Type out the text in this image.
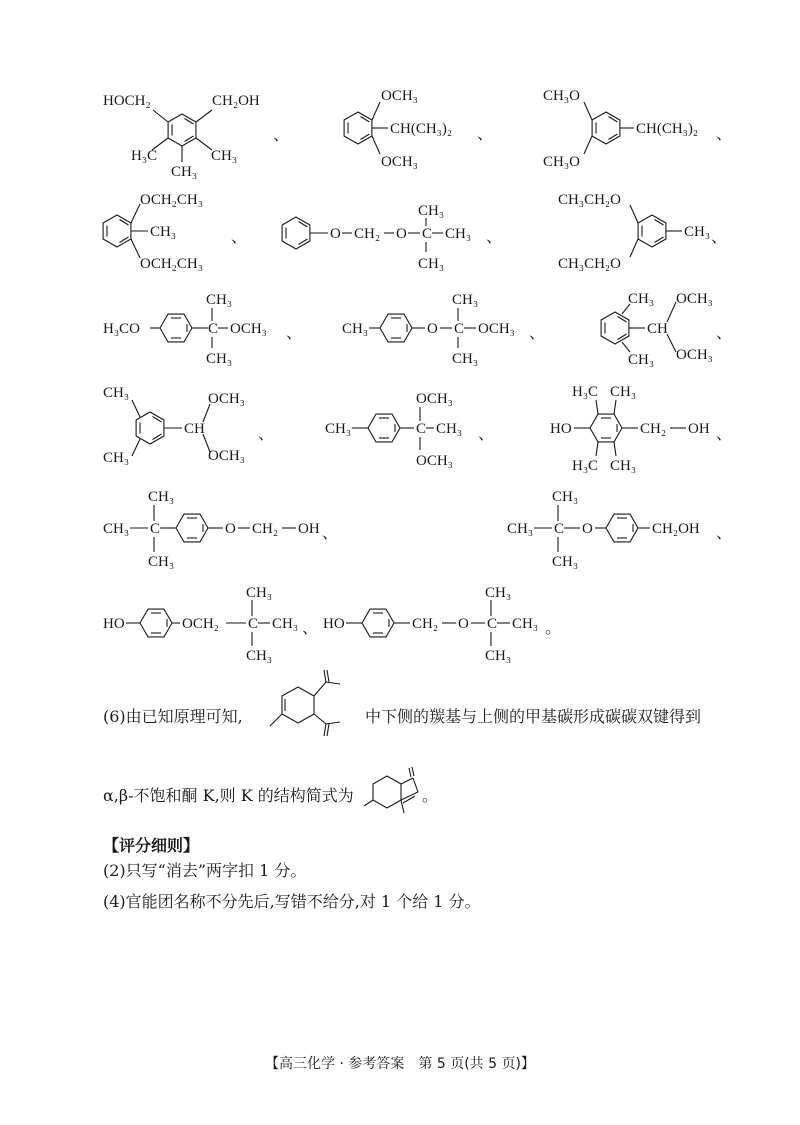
HOCH₂	CH₂OH
H₃C	CH₃
CH₃
OCH₃
CH(CH₃)₂
OCH₃
CH₃O
CH(CH₃)₂
CH₃O
OCH₂CH₃
CH₃
OCH₂CH₃
O CH₂ O C CH₃
CH₃
CH₃
CH₃CH₂O
CH₃
CH₃CH₂O
H₃CO	C OCH₃
CH₃
CH₃
CH₃	O C OCH₃
CH₃
CH₃
CH₃
CH
OCH₃
CH₃ OCH₃
CH₃
CH
OCH₃
CH₃	OCH₃
CH₃	C CH₃
OCH₃
OCH₃
HO	CH₂ OH
H₃C CH₃
H₃C CH₃
CH₃ C	O CH₂ OH
CH₃
CH₃
CH₃ C O	CH₂OH
CH₃
CH₃
HO	OCH₂ C CH₃
CH₃
CH₃
HO	CH₂ O C CH₃
CH₃
CH₃
、	、	、
、	、	、
、	、	、
、	、	、
、	、
、	。
(6)由已知原理可知,	中下侧的羰基与上侧的甲基碳形成碳碳双键得到
α,β-不饱和酮 K,则 K 的结构简式为	。
【评分细则】
(2)只写“消去”两字扣 1 分。
(4)官能团名称不分先后,写错不给分,对 1 个给 1 分。
【高三化学 · 参考答案　第 5 页(共 5 页)】
